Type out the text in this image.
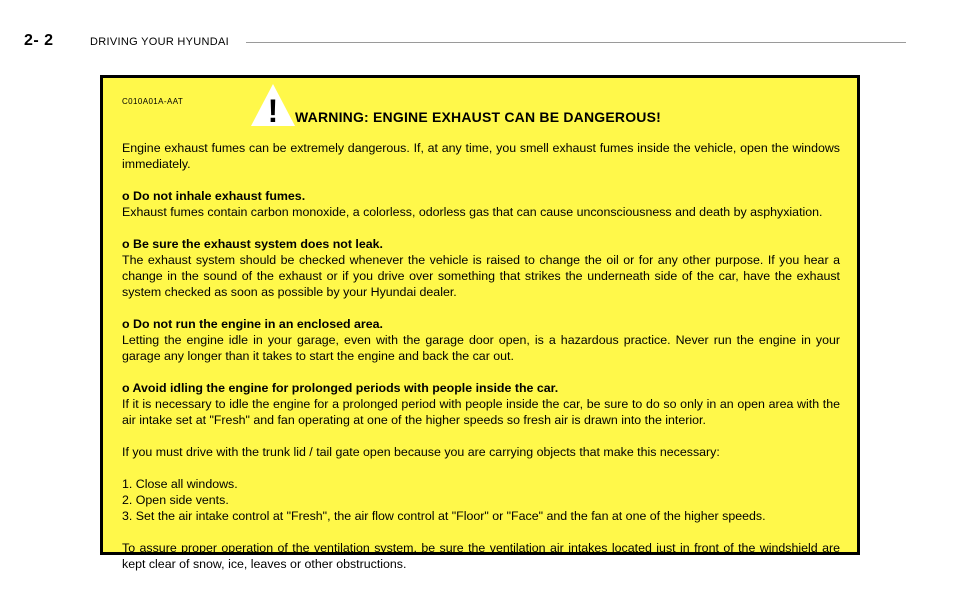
2- 2	DRIVING YOUR HYUNDAI
C010A01A-AAT	! WARNING: ENGINE EXHAUST CAN BE DANGEROUS!

Engine exhaust fumes can be extremely dangerous. If, at any time, you smell exhaust fumes inside the vehicle, open the windows immediately.

o Do not inhale exhaust fumes.

Exhaust fumes contain carbon monoxide, a colorless, odorless gas that can cause unconsciousness and death by asphyxiation.

o Be sure the exhaust system does not leak.

The exhaust system should be checked whenever the vehicle is raised to change the oil or for any other purpose. If you hear a change in the sound of the exhaust or if you drive over something that strikes the underneath side of the car, have the exhaust system checked as soon as possible by your Hyundai dealer.

o Do not run the engine in an enclosed area.

Letting the engine idle in your garage, even with the garage door open, is a hazardous practice. Never run the engine in your garage any longer than it takes to start the engine and back the car out.

o Avoid idling the engine for prolonged periods with people inside the car.

If it is necessary to idle the engine for a prolonged period with people inside the car, be sure to do so only in an open area with the air intake set at "Fresh" and fan operating at one of the higher speeds so fresh air is drawn into the interior.

If you must drive with the trunk lid / tail gate open because you are carrying objects that make this necessary:

1. Close all windows.

2. Open side vents.

3. Set the air intake control at "Fresh", the air flow control at "Floor" or "Face" and the fan at one of the higher speeds.

To assure proper operation of the ventilation system, be sure the ventilation air intakes located just in front of the windshield are kept clear of snow, ice, leaves or other obstructions.
